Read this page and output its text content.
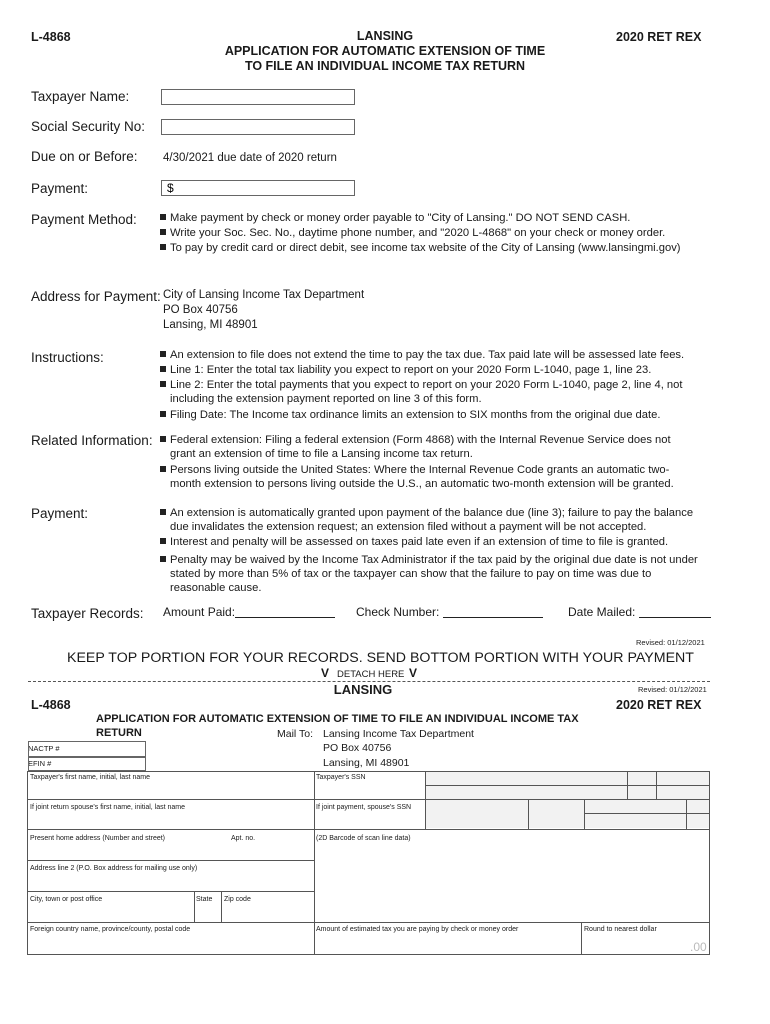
L-4868	LANSING
APPLICATION FOR AUTOMATIC EXTENSION OF TIME
TO FILE AN INDIVIDUAL INCOME TAX RETURN
2020 RET REX
Taxpayer Name:
Social Security No:
Due on or Before: 4/30/2021 due date of 2020 return
Payment:
$
Payment Method:	Make payment by check or money order payable to "City of Lansing." DO NOT SEND CASH.
Write your Soc. Sec. No., daytime phone number, and "2020 L-4868" on your check or money order.
To pay by credit card or direct debit, see income tax website of the City of Lansing (www.lansingmi.gov)
Address for Payment: City of Lansing Income Tax Department
PO Box 40756
Lansing, MI 48901
Instructions:	An extension to file does not extend the time to pay the tax due. Tax paid late will be assessed late fees.
Line 1: Enter the total tax liability you expect to report on your 2020 Form L-1040, page 1, line 23.
Line 2: Enter the total payments that you expect to report on your 2020 Form L-1040, page 2, line 4, not
including the extension payment reported on line 3 of this form.
Filing Date: The Income tax ordinance limits an extension to SIX months from the original due date.
Related Information:	Federal extension: Filing a federal extension (Form 4868) with the Internal Revenue Service does not
grant an extension of time to file a Lansing income tax return.
Persons living outside the United States: Where the Internal Revenue Code grants an automatic two-
month extension to persons living outside the U.S., an automatic two-month extension will be granted.
Payment:	An extension is automatically granted upon payment of the balance due (line 3); failure to pay the balance
due invalidates the extension request; an extension filed without a payment will be not accepted.
Interest and penalty will be assessed on taxes paid late even if an extension of time to file is granted.
Penalty may be waived by the Income Tax Administrator if the tax paid by the original due date is not under
stated by more than 5% of tax or the taxpayer can show that the failure to pay on time was due to
reasonable cause.
Taxpayer Records: Amount Paid:	Check Number:	Date Mailed:
Revised: 01/12/2021
KEEP TOP PORTION FOR YOUR RECORDS. SEND BOTTOM PORTION WITH YOUR PAYMENT
V DETACH HERE V
LANSING	Revised: 01/12/2021
L-4868	2020 RET REX
APPLICATION FOR AUTOMATIC EXTENSION OF TIME TO FILE AN INDIVIDUAL INCOME TAX
RETURN	Mail To: Lansing Income Tax Department
PO Box 40756
Lansing, MI 48901
NACTP #
EFIN #
Taxpayer's first name, initial, last name	Taxpayer's SSN
If joint return spouse's first name, initial, last name	If joint payment, spouse's SSN
Present home address (Number and street)	Apt. no.	(2D Barcode of scan line data)
Address line 2 (P.O. Box address for mailing use only)
City, town or post office	State Zip code
Foreign country name, province/county, postal code	Amount of estimated tax you are paying by check or money order	Round to nearest dollar
.00
